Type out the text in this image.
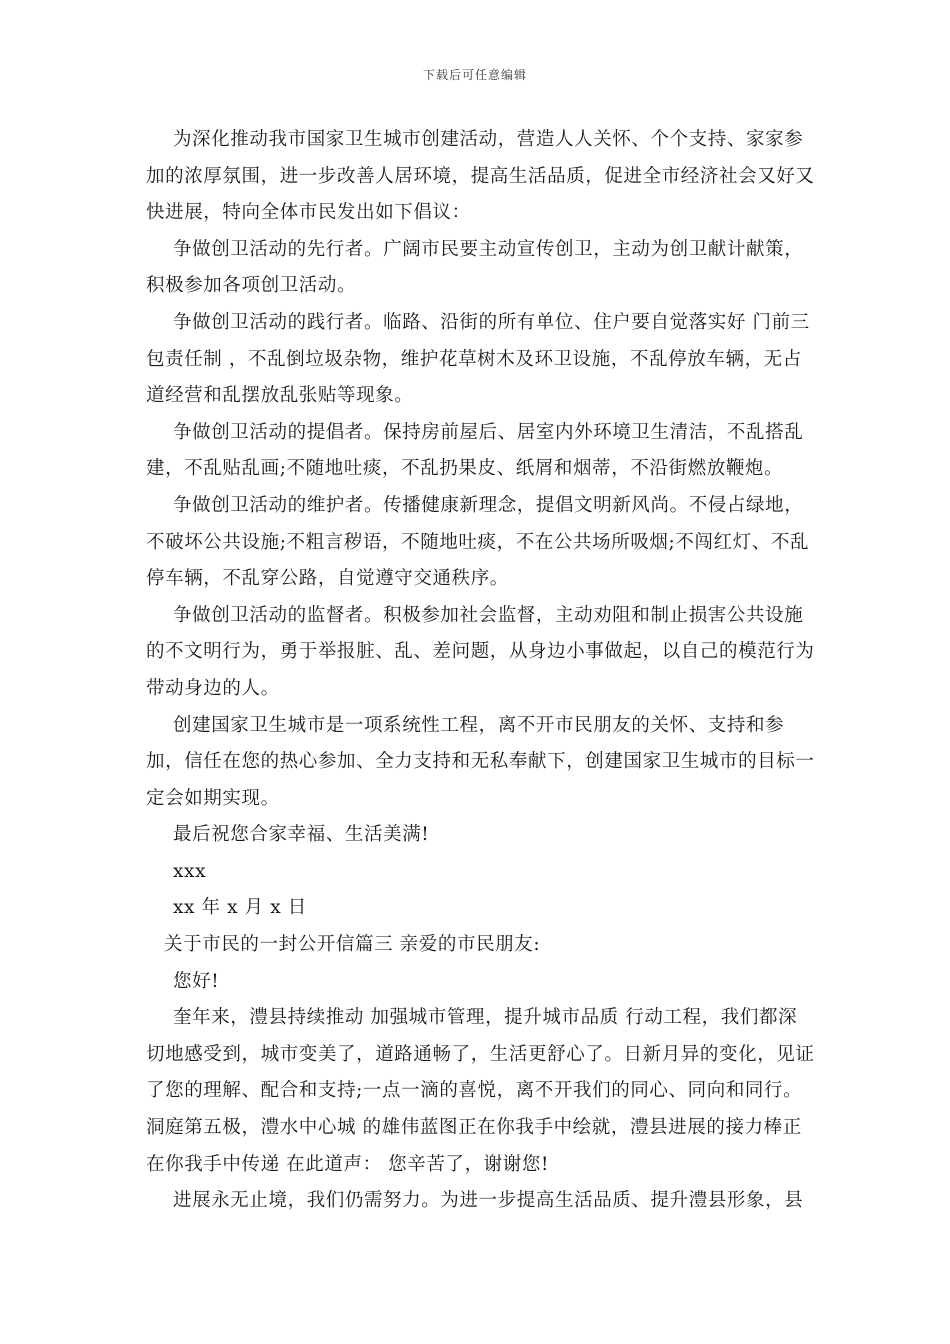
下载后可任意编辑

为深化推动我市国家卫生城市创建活动，营造人人关怀、个个支持、家家参加的浓厚氛围，进一步改善人居环境，提高生活品质，促进全市经济社会又好又快进展，特向全体市民发出如下倡议：

争做创卫活动的先行者。广阔市民要主动宣传创卫，主动为创卫献计献策，积极参加各项创卫活动。

争做创卫活动的践行者。临路、沿街的所有单位、住户要自觉落实好 门前三包责任制 ，不乱倒垃圾杂物，维护花草树木及环卫设施，不乱停放车辆，无占道经营和乱摆放乱张贴等现象。

争做创卫活动的提倡者。保持房前屋后、居室内外环境卫生清洁，不乱搭乱建，不乱贴乱画;不随地吐痰，不乱扔果皮、纸屑和烟蒂，不沿街燃放鞭炮。

争做创卫活动的维护者。传播健康新理念，提倡文明新风尚。不侵占绿地，不破坏公共设施;不粗言秽语，不随地吐痰，不在公共场所吸烟;不闯红灯、不乱停车辆，不乱穿公路，自觉遵守交通秩序。

争做创卫活动的监督者。积极参加社会监督，主动劝阻和制止损害公共设施的不文明行为，勇于举报脏、乱、差问题，从身边小事做起，以自己的模范行为带动身边的人。

创建国家卫生城市是一项系统性工程，离不开市民朋友的关怀、支持和参加，信任在您的热心参加、全力支持和无私奉献下，创建国家卫生城市的目标一定会如期实现。

最后祝您合家幸福、生活美满!

xxx

xx 年 x 月 x 日

关于市民的一封公开信篇三 亲爱的市民朋友:

您好!

奎年来，澧县持续推动 加强城市管理，提升城市品质 行动工程，我们都深切地感受到，城市变美了，道路通畅了，生活更舒心了。日新月异的变化，见证了您的理解、配合和支持;一点一滴的喜悦，离不开我们的同心、同向和同行。 洞庭第五极，澧水中心城 的雄伟蓝图正在你我手中绘就，澧县进展的接力棒正在你我手中传递 在此道声： 您辛苦了，谢谢您!

进展永无止境，我们仍需努力。为进一步提高生活品质、提升澧县形象，县
